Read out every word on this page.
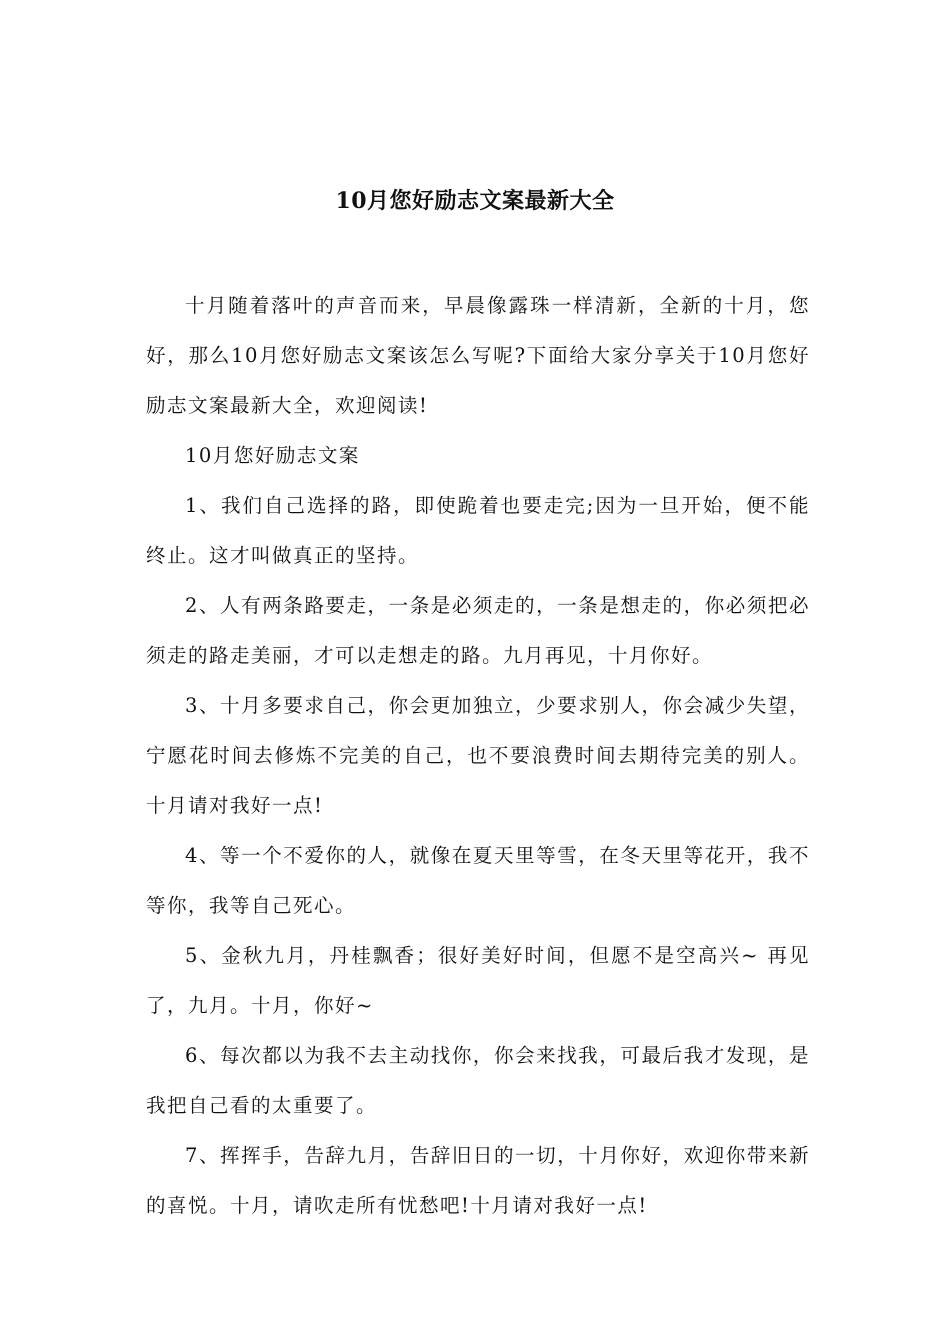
10月您好励志文案最新大全

十月随着落叶的声音而来，早晨像露珠一样清新，全新的十月，您好，那么10月您好励志文案该怎么写呢?下面给大家分享关于10月您好励志文案最新大全，欢迎阅读!

10月您好励志文案

1、我们自己选择的路，即使跪着也要走完;因为一旦开始，便不能终止。这才叫做真正的坚持。

2、人有两条路要走，一条是必须走的，一条是想走的，你必须把必须走的路走美丽，才可以走想走的路。九月再见，十月你好。

3、十月多要求自己，你会更加独立，少要求别人，你会减少失望，宁愿花时间去修炼不完美的自己，也不要浪费时间去期待完美的别人。十月请对我好一点!

4、等一个不爱你的人，就像在夏天里等雪，在冬天里等花开，我不等你，我等自己死心。

5、金秋九月，丹桂飘香；很好美好时间，但愿不是空高兴~ 再见了，九月。十月，你好~

6、每次都以为我不去主动找你，你会来找我，可最后我才发现，是我把自己看的太重要了。

7、挥挥手，告辞九月，告辞旧日的一切，十月你好，欢迎你带来新的喜悦。十月，请吹走所有忧愁吧!十月请对我好一点!
